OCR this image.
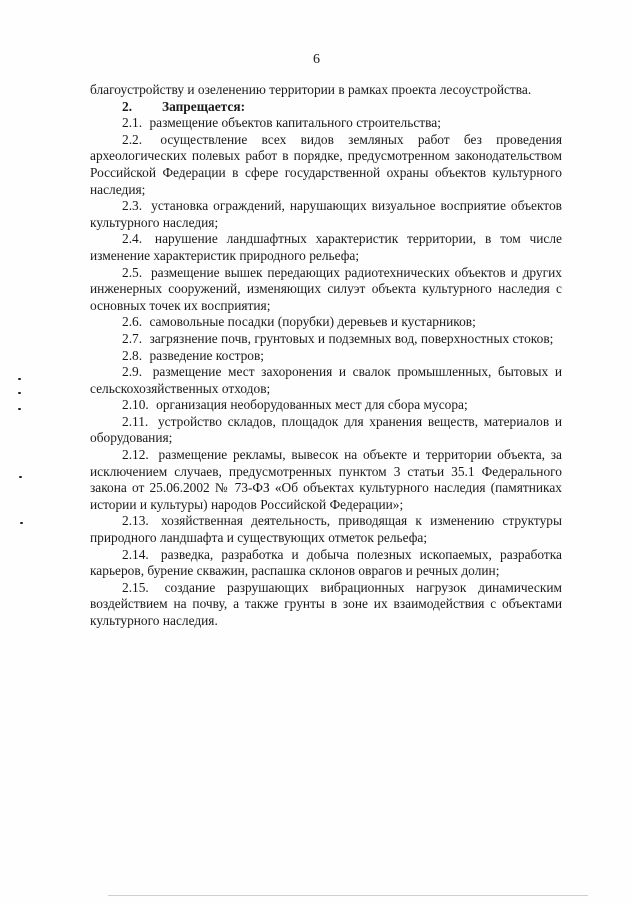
6

благоустройству и озеленению территории в рамках проекта лесоустройства.

2. Запрещается:

2.1. размещение объектов капитального строительства;

2.2. осуществление всех видов земляных работ без проведения археологических полевых работ в порядке, предусмотренном законодательством Российской Федерации в сфере государственной охраны объектов культурного наследия;

2.3. установка ограждений, нарушающих визуальное восприятие объектов культурного наследия;

2.4. нарушение ландшафтных характеристик территории, в том числе изменение характеристик природного рельефа;

2.5. размещение вышек передающих радиотехнических объектов и других инженерных сооружений, изменяющих силуэт объекта культурного наследия с основных точек их восприятия;

2.6. самовольные посадки (порубки) деревьев и кустарников;

2.7. загрязнение почв, грунтовых и подземных вод, поверхностных стоков;

2.8. разведение костров;

2.9. размещение мест захоронения и свалок промышленных, бытовых и сельскохозяйственных отходов;

2.10. организация необорудованных мест для сбора мусора;

2.11. устройство складов, площадок для хранения веществ, материалов и оборудования;

2.12. размещение рекламы, вывесок на объекте и территории объекта, за исключением случаев, предусмотренных пунктом 3 статьи 35.1 Федерального закона от 25.06.2002 № 73-ФЗ «Об объектах культурного наследия (памятниках истории и культуры) народов Российской Федерации»;

2.13. хозяйственная деятельность, приводящая к изменению структуры природного ландшафта и существующих отметок рельефа;

2.14. разведка, разработка и добыча полезных ископаемых, разработка карьеров, бурение скважин, распашка склонов оврагов и речных долин;

2.15. создание разрушающих вибрационных нагрузок динамическим воздействием на почву, а также грунты в зоне их взаимодействия с объектами культурного наследия.
